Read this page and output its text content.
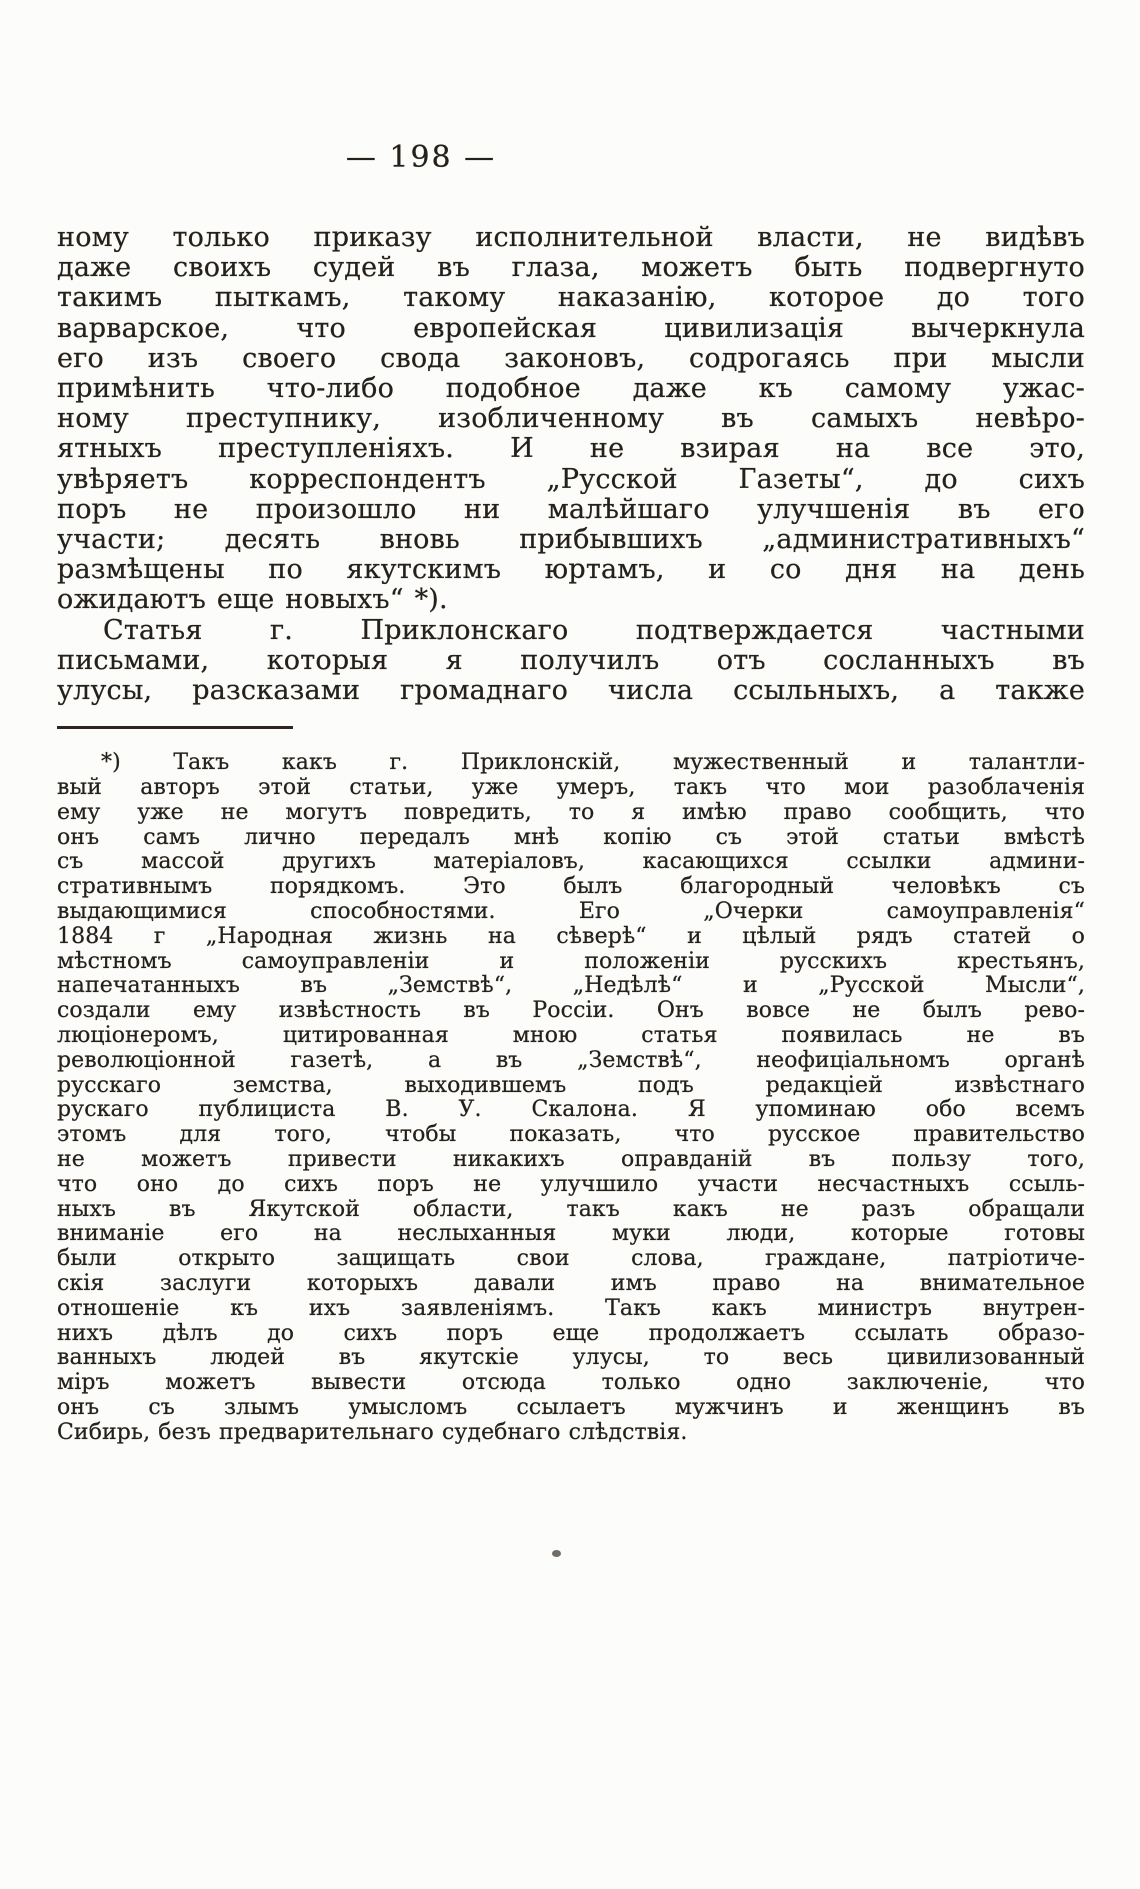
— 198 —
ному только приказу исполнительной власти, не видѣвъ
даже своихъ судей въ глаза, можетъ быть подвергнуто
такимъ пыткамъ, такому наказанію, которое до того
варварское, что европейская цивилизація вычеркнула
его изъ своего свода законовъ, содрогаясь при мысли
примѣнить что-либо подобное даже къ самому ужас-
ному преступнику, изобличенному въ самыхъ невѣро-
ятныхъ преступленіяхъ. И не взирая на все это,
увѣряетъ корреспондентъ „Русской Газеты“, до сихъ
поръ не произошло ни малѣйшаго улучшенія въ его
участи; десять вновь прибывшихъ „административныхъ“
размѣщены по якутскимъ юртамъ, и со дня на день
ожидаютъ еще новыхъ“ *).
Статья г. Приклонскаго подтверждается частными
письмами, которыя я получилъ отъ сосланныхъ въ
улусы, разсказами громаднаго числа ссыльныхъ, а также
*) Такъ какъ г. Приклонскій, мужественный и талантли-
вый авторъ этой статьи, уже умеръ, такъ что мои разоблаченія
ему уже не могутъ повредить, то я имѣю право сообщить, что
онъ самъ лично передалъ мнѣ копію съ этой статьи вмѣстѣ
съ массой другихъ матеріаловъ, касающихся ссылки админи-
стративнымъ порядкомъ. Это былъ благородный человѣкъ съ
выдающимися способностями. Его „Очерки самоуправленія“
1884 г „Народная жизнь на сѣверѣ“ и цѣлый рядъ статей о
мѣстномъ самоуправленіи и положеніи русскихъ крестьянъ,
напечатанныхъ въ „Земствѣ“, „Недѣлѣ“ и „Русской Мысли“,
создали ему извѣстность въ Россіи. Онъ вовсе не былъ рево-
люціонеромъ, цитированная мною статья появилась не въ
революціонной газетѣ, а въ „Земствѣ“, неофиціальномъ органѣ
русскаго земства, выходившемъ подъ редакціей извѣстнаго
рускаго публициста В. У. Скалона. Я упоминаю обо всемъ
этомъ для того, чтобы показать, что русское правительство
не можетъ привести никакихъ оправданій въ пользу того,
что оно до сихъ поръ не улучшило участи несчастныхъ ссыль-
ныхъ въ Якутской области, такъ какъ не разъ обращали
вниманіе его на неслыханныя муки люди, которые готовы
были открыто защищать свои слова, граждане, патріотиче-
скія заслуги которыхъ давали имъ право на внимательное
отношеніе къ ихъ заявленіямъ. Такъ какъ министръ внутрен-
нихъ дѣлъ до сихъ поръ еще продолжаетъ ссылать образо-
ванныхъ людей въ якутскіе улусы, то весь цивилизованный
міръ можетъ вывести отсюда только одно заключеніе, что
онъ съ злымъ умысломъ ссылаетъ мужчинъ и женщинъ въ
Сибирь, безъ предварительнаго судебнаго слѣдствія.
